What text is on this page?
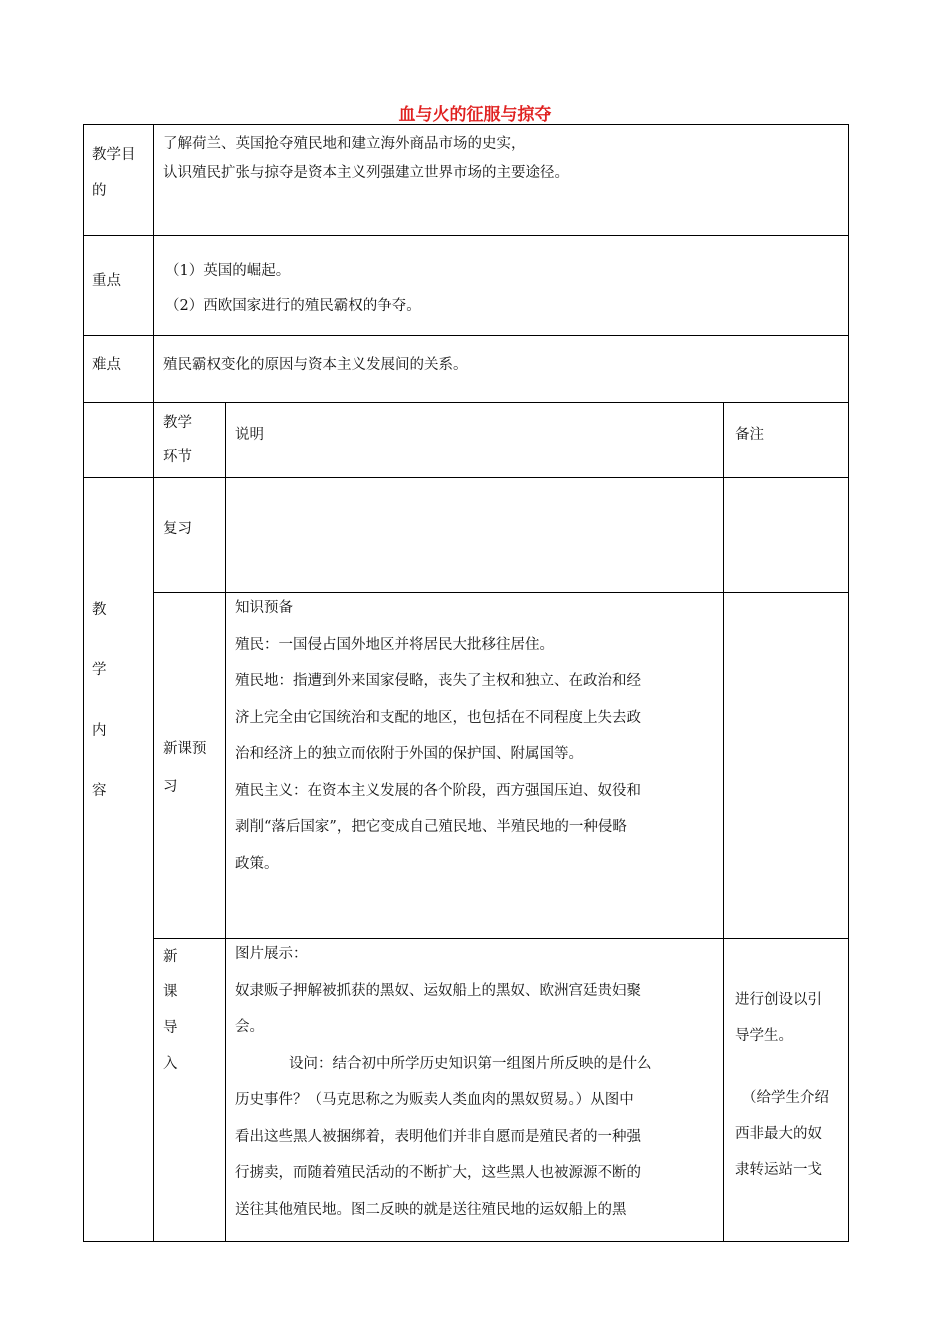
血与火的征服与掠夺
教学目
的
了解荷兰、英国抢夺殖民地和建立海外商品市场的史实，
认识殖民扩张与掠夺是资本主义列强建立世界市场的主要途径。
重点
（1）英国的崛起。
（2）西欧国家进行的殖民霸权的争夺。
难点	殖民霸权变化的原因与资本主义发展间的关系。
教学
环节
说明	备注
教
学
内
容
复习
新课预
习
知识预备
殖民：一国侵占国外地区并将居民大批移往居住。
殖民地：指遭到外来国家侵略，丧失了主权和独立、在政治和经
济上完全由它国统治和支配的地区，也包括在不同程度上失去政
治和经济上的独立而依附于外国的保护国、附属国等。
殖民主义：在资本主义发展的各个阶段，西方强国压迫、奴役和
剥削“落后国家”，把它变成自己殖民地、半殖民地的一种侵略
政策。
新
课
导
入
图片展示：
奴隶贩子押解被抓获的黑奴、运奴船上的黑奴、欧洲宫廷贵妇聚
会。
设问：结合初中所学历史知识第一组图片所反映的是什么
历史事件？（马克思称之为贩卖人类血肉的黑奴贸易。）从图中
看出这些黑人被捆绑着，表明他们并非自愿而是殖民者的一种强
行掳卖，而随着殖民活动的不断扩大，这些黑人也被源源不断的
送往其他殖民地。图二反映的就是送往殖民地的运奴船上的黑
进行创设以引
导学生。
（给学生介绍
西非最大的奴
隶转运站一戈
